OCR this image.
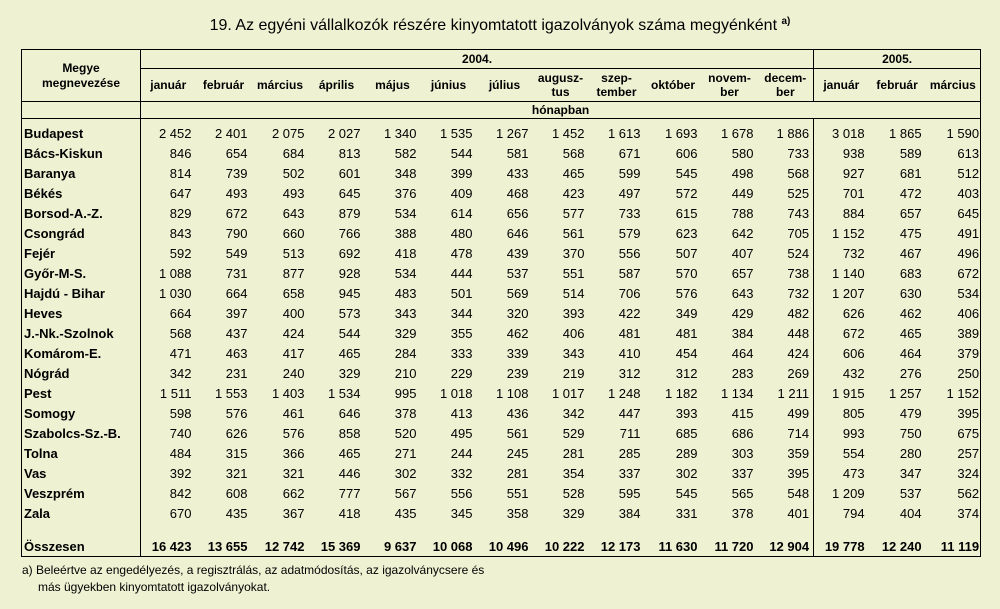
19. Az egyéni vállalkozók részére kinyomtatott igazolványok száma megyénként $^{a)}$
Megye
megnevezése	2004.												2005.		
	január	február	március	április	május	június	július	augusz- tus	szep- tember	október	novem- ber	decem- ber	január	február	március
	hónapban														
Budapest	2 452	2 401	2 075	2 027	1 340	1 535	1 267	1 452	1 613	1 693	1 678	1 886	3 018	1 865	1 590
Bács-Kiskun	846	654	684	813	582	544	581	568	671	606	580	733	938	589	613
Baranya	814	739	502	601	348	399	433	465	599	545	498	568	927	681	512
Békés	647	493	493	645	376	409	468	423	497	572	449	525	701	472	403
Borsod-A.-Z.	829	672	643	879	534	614	656	577	733	615	788	743	884	657	645
Csongrád	843	790	660	766	388	480	646	561	579	623	642	705	1 152	475	491
Fejér	592	549	513	692	418	478	439	370	556	507	407	524	732	467	496
Győr-M-S.	1 088	731	877	928	534	444	537	551	587	570	657	738	1 140	683	672
Hajdú - Bihar	1 030	664	658	945	483	501	569	514	706	576	643	732	1 207	630	534
Heves	664	397	400	573	343	344	320	393	422	349	429	482	626	462	406
J.-Nk.-Szolnok	568	437	424	544	329	355	462	406	481	481	384	448	672	465	389
Komárom-E.	471	463	417	465	284	333	339	343	410	454	464	424	606	464	379
Nógrád	342	231	240	329	210	229	239	219	312	312	283	269	432	276	250
Pest	1 511	1 553	1 403	1 534	995	1 018	1 108	1 017	1 248	1 182	1 134	1 211	1 915	1 257	1 152
Somogy	598	576	461	646	378	413	436	342	447	393	415	499	805	479	395
Szabolcs-Sz.-B.	740	626	576	858	520	495	561	529	711	685	686	714	993	750	675
Tolna	484	315	366	465	271	244	245	281	285	289	303	359	554	280	257
Vas	392	321	321	446	302	332	281	354	337	302	337	395	473	347	324
Veszprém	842	608	662	777	567	556	551	528	595	545	565	548	1 209	537	562
Zala	670	435	367	418	435	345	358	329	384	331	378	401	794	404	374

Összesen	16 423	13 655	12 742	15 369	9 637	10 068	10 496	10 222	12 173	11 630	11 720	12 904	19 778	12 240	11 119
a) Beleértve az engedélyezés, a regisztrálás, az adatmódosítás, az igazolványcsere és
más ügyekben kinyomtatott igazolványokat.
